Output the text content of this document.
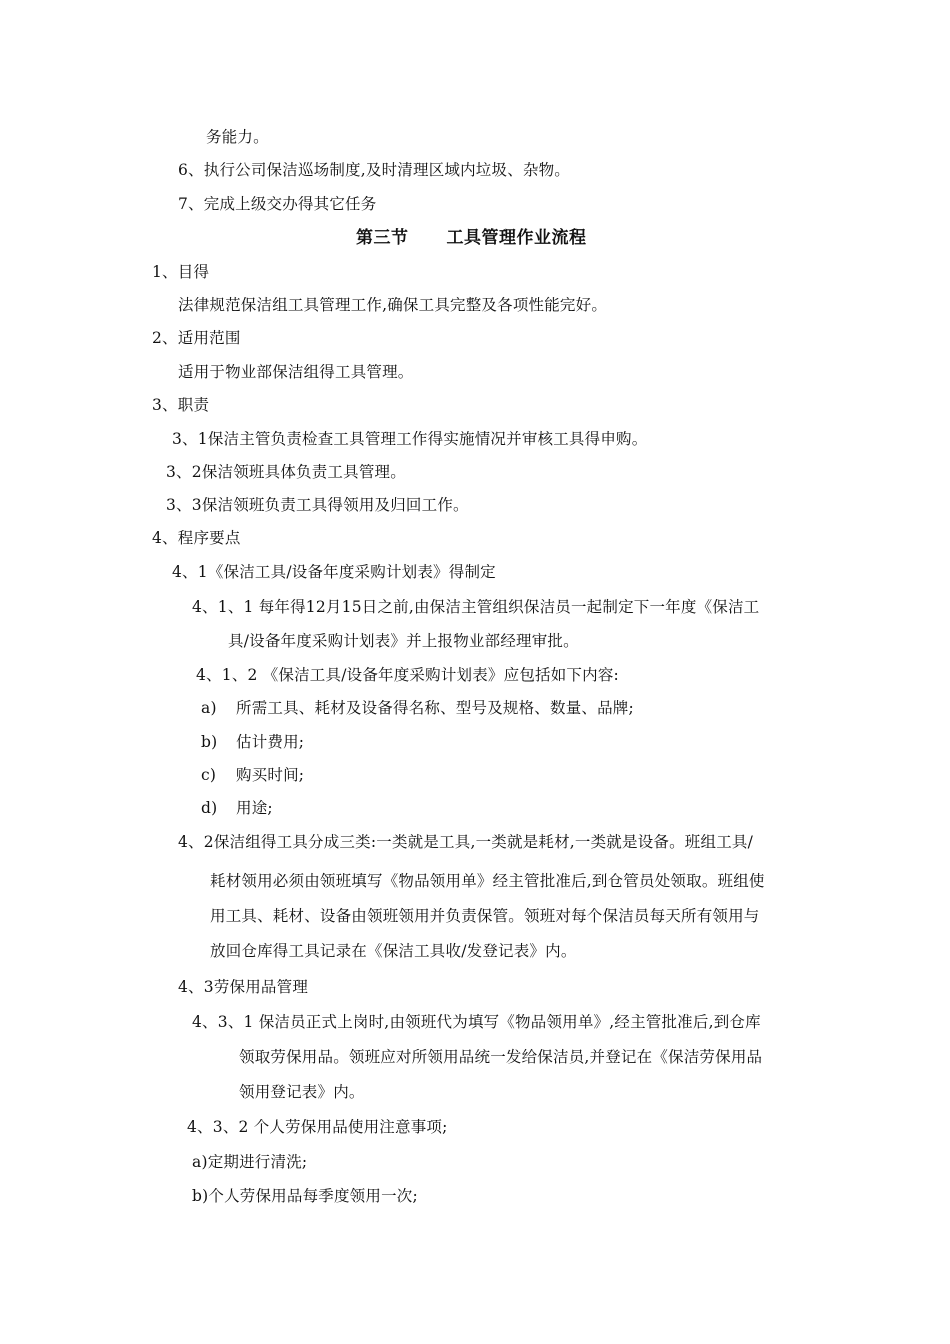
务能力。
6、执行公司保洁巡场制度,及时清理区域内垃圾、杂物。
7、完成上级交办得其它任务
第三节 工具管理作业流程
1、目得
法律规范保洁组工具管理工作,确保工具完整及各项性能完好。
2、适用范围
适用于物业部保洁组得工具管理。
3、职责
3、1保洁主管负责检查工具管理工作得实施情况并审核工具得申购。
3、2保洁领班具体负责工具管理。
3、3保洁领班负责工具得领用及归回工作。
4、程序要点
4、1《保洁工具/设备年度采购计划表》得制定
4、1、1 每年得12月15日之前,由保洁主管组织保洁员一起制定下一年度《保洁工
具/设备年度采购计划表》并上报物业部经理审批。
4、1、2 《保洁工具/设备年度采购计划表》应包括如下内容:
a) 所需工具、耗材及设备得名称、型号及规格、数量、品牌;
b) 估计费用;
c) 购买时间;
d) 用途;
4、2保洁组得工具分成三类:一类就是工具,一类就是耗材,一类就是设备。班组工具/
耗材领用必须由领班填写《物品领用单》经主管批准后,到仓管员处领取。班组使
用工具、耗材、设备由领班领用并负责保管。领班对每个保洁员每天所有领用与
放回仓库得工具记录在《保洁工具收/发登记表》内。
4、3劳保用品管理
4、3、1 保洁员正式上岗时,由领班代为填写《物品领用单》,经主管批准后,到仓库
领取劳保用品。领班应对所领用品统一发给保洁员,并登记在《保洁劳保用品
领用登记表》内。
4、3、2 个人劳保用品使用注意事项;
a)定期进行清洗;
b)个人劳保用品每季度领用一次;
